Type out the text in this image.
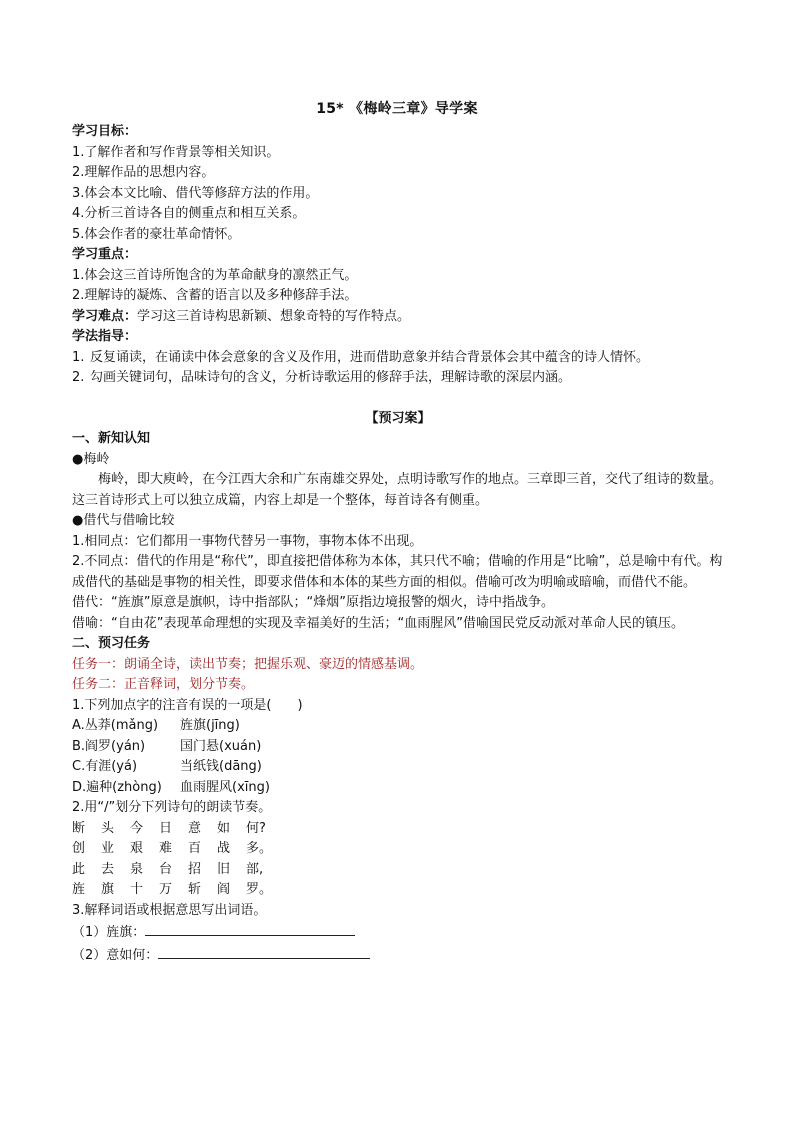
15* 《梅岭三章》导学案
学习目标：
1.了解作者和写作背景等相关知识。
2.理解作品的思想内容。
3.体会本文比喻、借代等修辞方法的作用。
4.分析三首诗各自的侧重点和相互关系。
5.体会作者的豪壮革命情怀。
学习重点：
1.体会这三首诗所饱含的为革命献身的凛然正气。
2.理解诗的凝炼、含蓄的语言以及多种修辞手法。
学习难点：学习这三首诗构思新颖、想象奇特的写作特点。
学法指导：
1. 反复诵读，在诵读中体会意象的含义及作用，进而借助意象并结合背景体会其中蕴含的诗人情怀。
2. 勾画关键词句，品味诗句的含义，分析诗歌运用的修辞手法，理解诗歌的深层内涵。
【预习案】
一、新知认知
●梅岭
梅岭，即大庾岭，在今江西大余和广东南雄交界处，点明诗歌写作的地点。三章即三首，交代了组诗的数量。这三首诗形式上可以独立成篇，内容上却是一个整体，每首诗各有侧重。
●借代与借喻比较
1.相同点：它们都用一事物代替另一事物，事物本体不出现。
2.不同点：借代的作用是“称代”，即直接把借体称为本体，其只代不喻；借喻的作用是“比喻”，总是喻中有代。构成借代的基础是事物的相关性，即要求借体和本体的某些方面的相似。借喻可改为明喻或暗喻，而借代不能。
借代：“旌旗”原意是旗帜，诗中指部队；“烽烟”原指边境报警的烟火，诗中指战争。
借喻：“自由花”表现革命理想的实现及幸福美好的生活；“血雨腥风”借喻国民党反动派对革命人民的镇压。
二、预习任务
任务一：朗诵全诗，读出节奏；把握乐观、豪迈的情感基调。
任务二：正音释词，划分节奏。
1.下列加点字的注音有误的一项是(　　)
A.丛莽(mǎng) 旌旗(jīng)
B.阎罗(yán)	国门悬(xuán)
C.有涯(yá)	当纸钱(dāng)
D.遍种(zhòng) 血雨腥风(xīng)
2.用“/”划分下列诗句的朗读节奏。
断	头	今	日	意	如	何?
创	业	艰	难	百	战	多。
此	去	泉	台	招	旧	部,
旌	旗	十	万	斩	阎	罗。
3.解释词语或根据意思写出词语。
（1）旌旗：
（2）意如何：
